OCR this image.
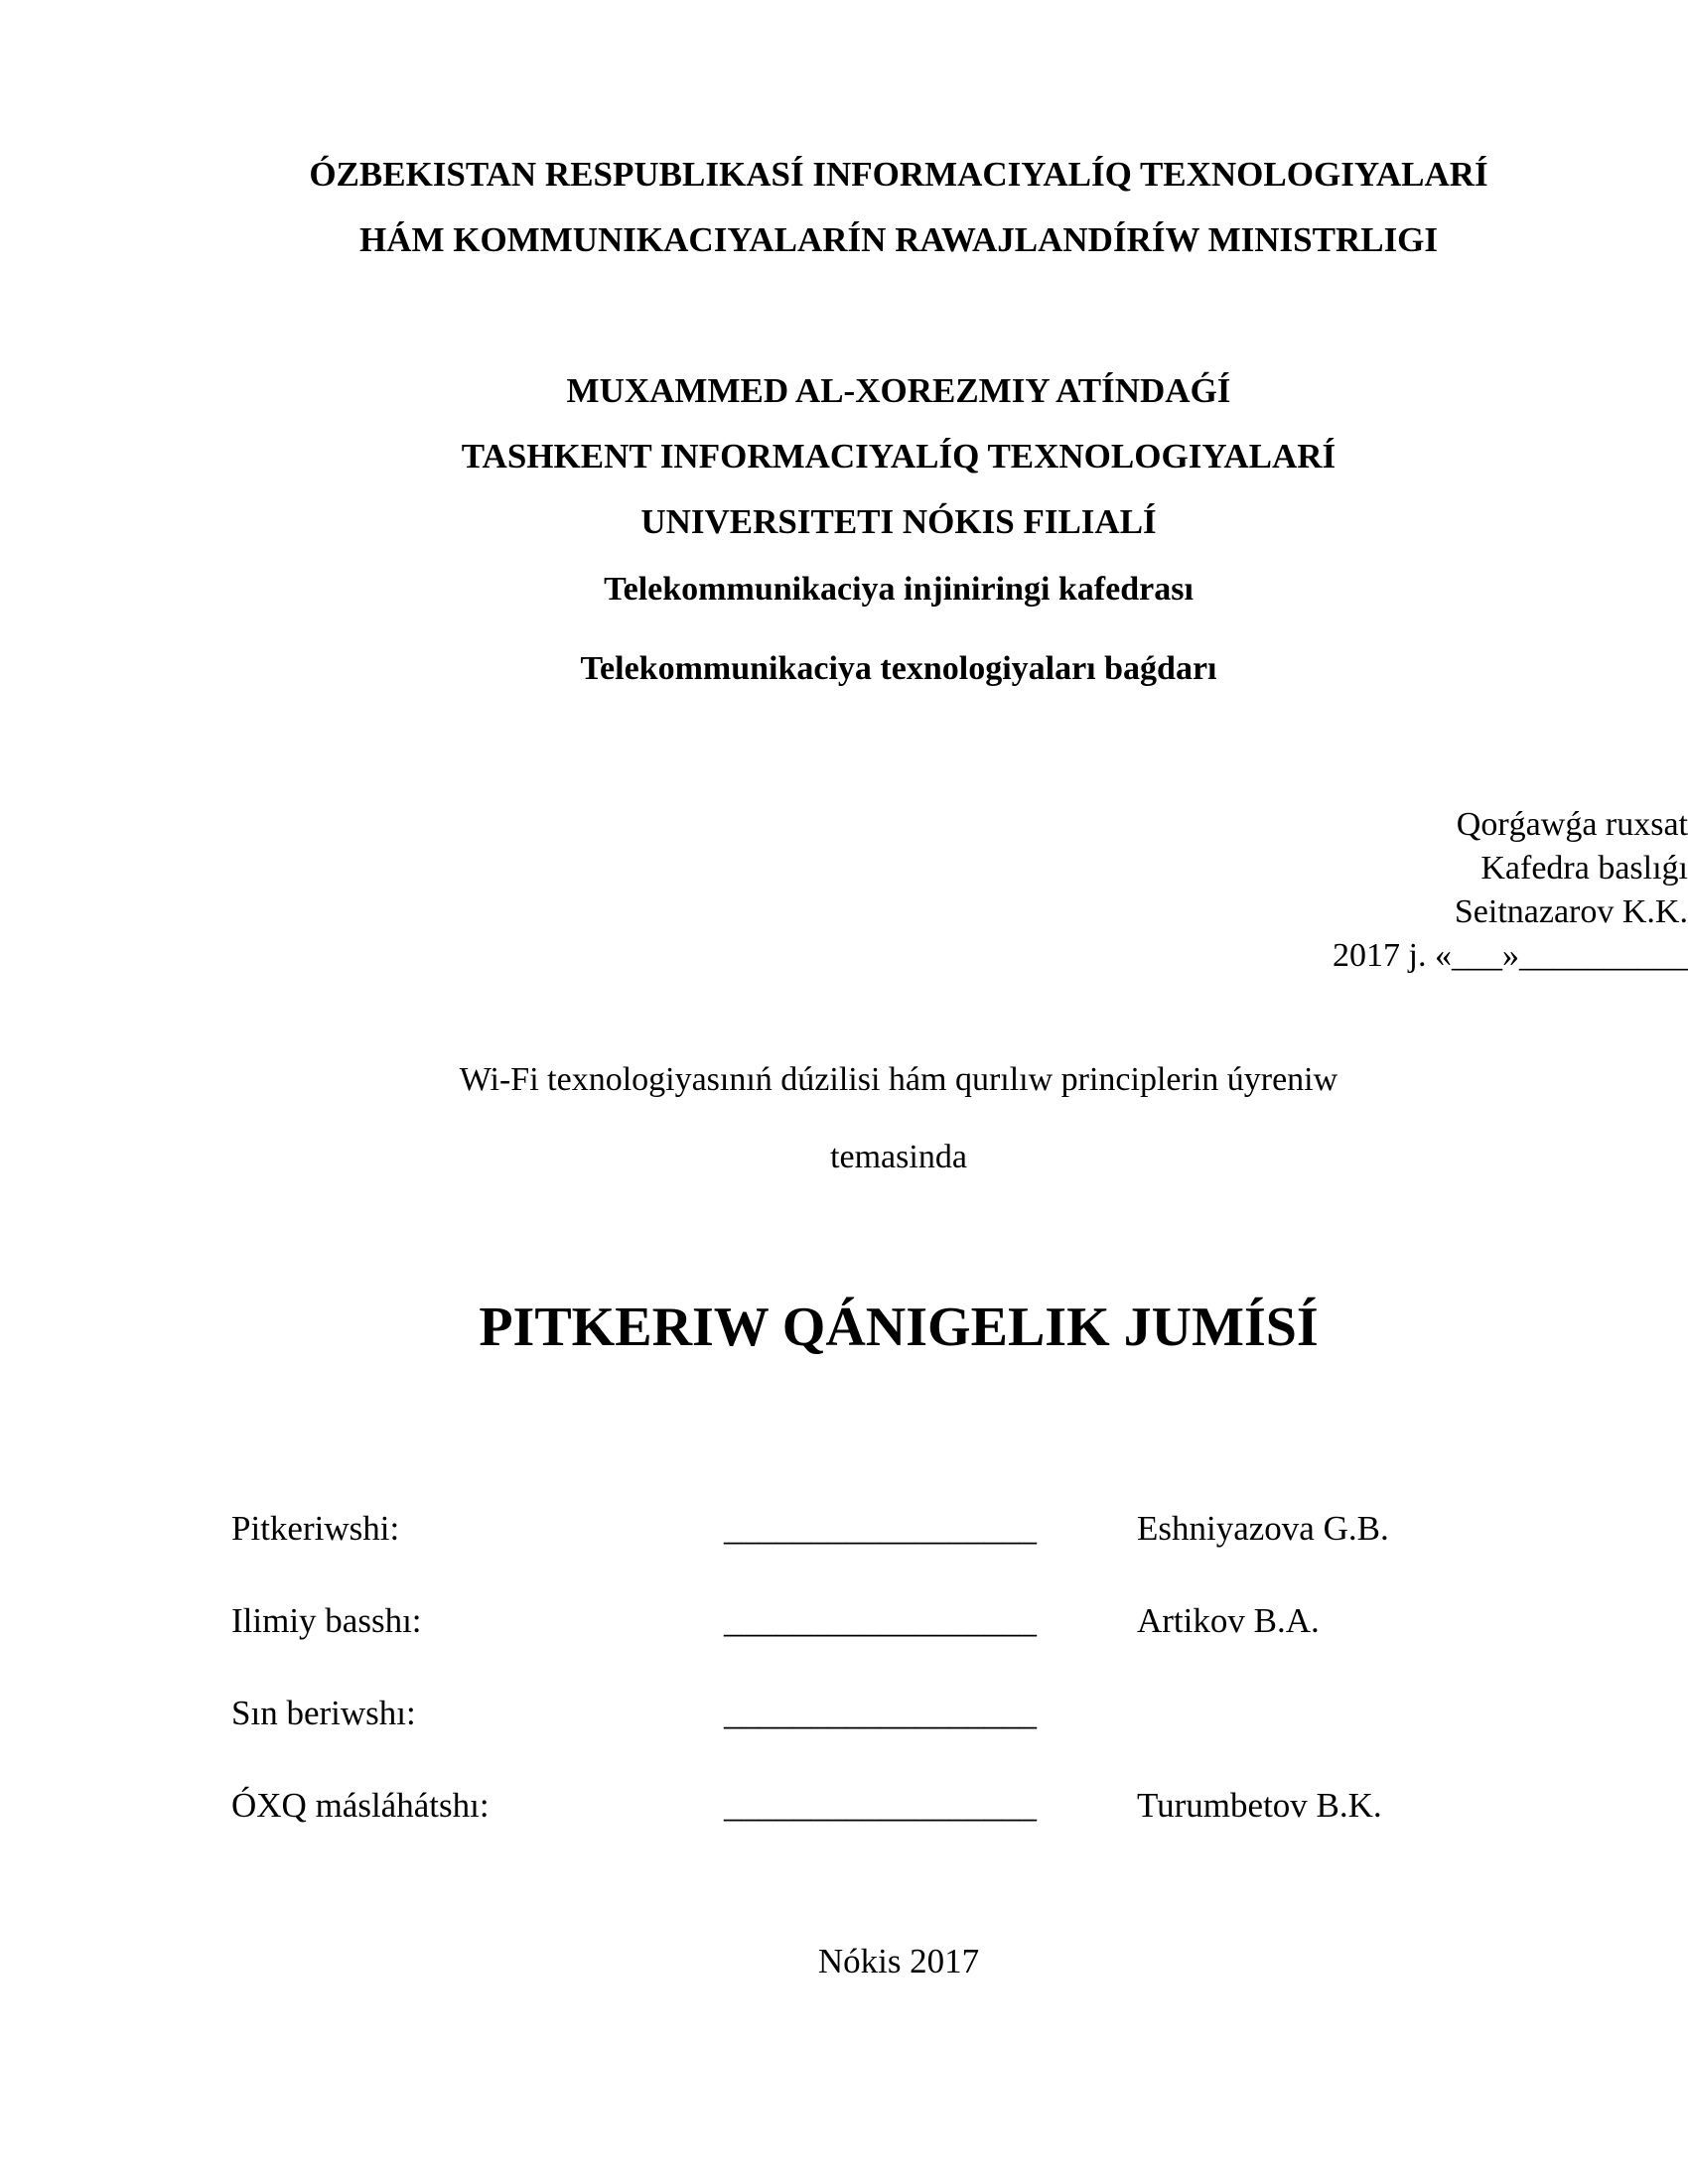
ÓZBEKISTAN RESPUBLIKASÍ INFORMACIYALÍQ TEXNOLOGIYALARÍ
HÁM KOMMUNIKACIYALARÍN RAWAJLANDÍRÍW MINISTRLIGI
MUXAMMED AL-XOREZMIY ATÍNDAǴÍ
TASHKENT INFORMACIYALÍQ TEXNOLOGIYALARÍ
UNIVERSITETI NÓKIS FILIALÍ
Telekommunikaciya injiniringi kafedrası
Telekommunikaciya texnologiyaları baǵdarı
Qorǵawǵa ruxsat
Kafedra baslıǵı
Seitnazarov K.K.
2017 j. «___»__________
Wi-Fi texnologiyasınıń dúzilisi hám qurılıw principlerin úyreniw
temasinda
PITKERIW QÁNIGELIK JUMÍSÍ
Pitkeriwshi:	__________________	Eshniyazova G.B.
Ilimiy basshı:	__________________	Artikov B.A.
Sın beriwshı:	__________________
ÓXQ másláhátshı:	__________________	Turumbetov B.K.
Nókis 2017
